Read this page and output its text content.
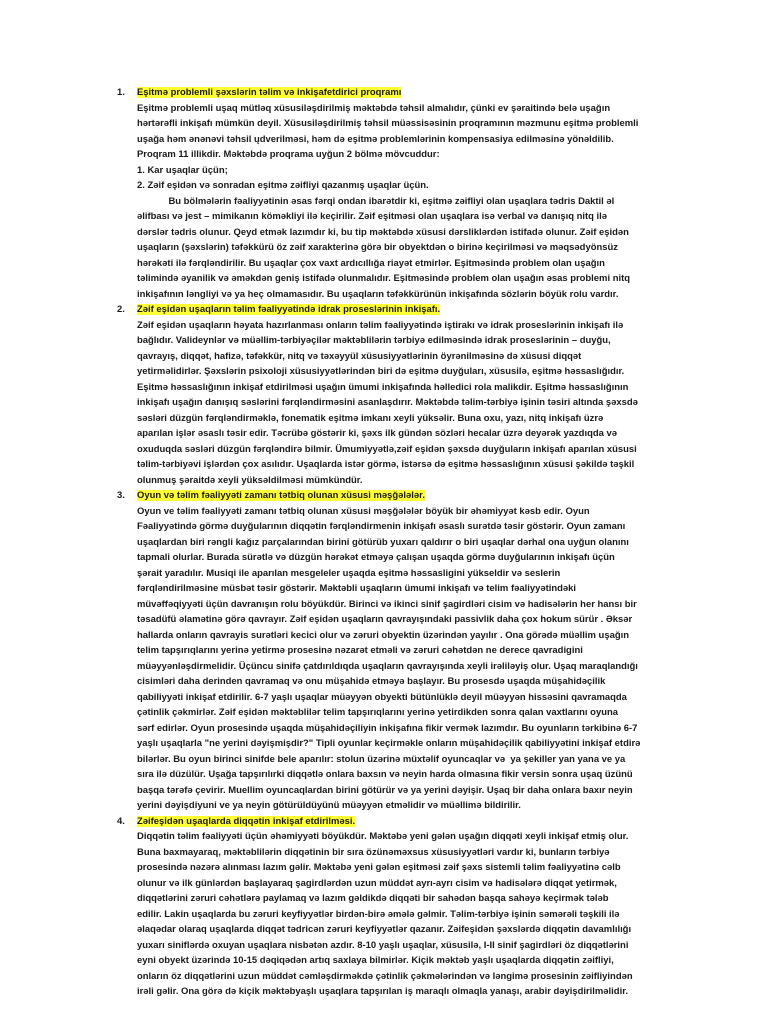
1.	Eşitmə problemli şəxslərin təlim və inkişafetdirici proqramı
Eşitmə problemli uşaq mütləq xüsusiləşdirilmiş məktəbdə təhsil almalıdır, çünki ev şəraitində belə uşağın
hərtərəfli inkişafı mümkün deyil. Xüsusiləşdirilmiş təhsil müəssisəsinin proqramının məzmunu eşitmə problemli
uşağa həm ənənəvi təhsil ųdverilməsi, həm də eşitmə problemlərinin kompensasiya edilməsinə yönəldilib.
Proqram 11 illikdir. Məktəbdə proqrama uyğun 2 bölmə mövcuddur:
1. Kar uşaqlar üçün;
2. Zəif eşidən və sonradan eşitmə zəifliyi qazanmış uşaqlar üçün.
Bu bölmələrin fəaliyyətinin əsas fərqi ondan ibarətdir ki, eşitmə zəifliyi olan uşaqlara tədris Daktil əl
əlifbası və jest – mimikanın köməkliyi ilə keçirilir. Zəif eşitməsi olan uşaqlara isə verbal və danışıq nitq ilə
dərslər tədris olunur. Qeyd etmək lazımdır ki, bu tip məktəbdə xüsusi dərsliklərdən istifadə olunur. Zəif eşidən
uşaqların (şəxslərin) təfəkkürü öz zəif xarakterinə görə bir obyektdən o birinə keçirilməsi və məqsədyönsüz
hərəkəti ilə fərqləndirilir. Bu uşaqlar çox vaxt ardıcıllığa riayət etmirlər. Eşitməsində problem olan uşağın
təlimində əyanilik və əməkdən geniş istifadə olunmalıdır. Eşitməsində problem olan uşağın əsas problemi nitq
inkişafının ləngliyi və ya heç olmamasıdır. Bu uşaqların təfəkkürünün inkişafında sözlərin böyük rolu vardır.
2.	Zəif eşidən uşaqların təlim fəaliyyətində idrak proseslərinin inkişafı.
Zəif eşidən uşaqların həyata hazırlanması onların təlim fəaliyyətində iştirakı və idrak proseslərinin inkişafı ilə
bağlıdır. Valideynlər və müəllim-tərbiyəçilər məktəblilərin tərbiyə edilməsində idrak proseslərinin – duyğu,
qavrayış, diqqət, hafizə, təfəkkür, nitq və təxəyyül xüsusiyyətlərinin öyrənilməsinə də xüsusi diqqət
yetirməlidirlər. Şəxslərin psixoloji xüsusiyyətlərindən biri də eşitmə duyğuları, xüsusilə, eşitmə həssaslığıdır.
Eşitmə həssaslığının inkişaf etdirilməsi uşağın ümumi inkişafında həlledici rola malikdir. Eşitmə həssaslığının
inkişafı uşağın danışıq səslərini fərqləndirməsini asanlaşdırır. Məktəbdə təlim-tərbiyə işinin təsiri altında şəxsdə
səsləri düzgün fərqləndirməklə, fonematik eşitmə imkanı xeyli yüksəlir. Buna oxu, yazı, nitq inkişafı üzrə
aparılan işlər əsaslı təsir edir. Təcrübə göstərir ki, şəxs ilk gündən sözləri hecalar üzrə deyərək yazdıqda və
oxuduqda səsləri düzgün fərqləndirə bilmir. Ümumiyyətlə,zəif eşidən şəxsdə duyğuların inkişafı aparılan xüsusi
təlim-tərbiyəvi işlərdən çox asılıdır. Uşaqlarda istər görmə, istərsə də eşitmə həssaslığının xüsusi şəkildə təşkil
olunmuş şəraitdə xeyli yüksəldilməsi mümkündür.
3.	Oyun və təlim fəaliyyəti zamanı tətbiq olunan xüsusi məşğələlər.
Oyun ve təlim fəaliyyəti zamanı tətbiq olunan xüsusi məşğələlər böyük bir əhəmiyyət kəsb edir. Oyun
Fəaliyyətində görmə duyğularının diqqətin fərqləndirmenin inkişafı əsaslı surətdə təsir göstərir. Oyun zamanı
uşaqlardan biri rəngli kağız parçalarından birini götürüb yuxarı qaldırır o biri uşaqlar dərhal ona uyğun olanını
tapmali olurlar. Burada sürətlə və düzgün hərəkət etməyə çalışan uşaqda görmə duyğularının inkişafı üçün
şərait yaradılır. Musiqi ile aparılan mesgeleler uşaqda eşitmə həssasligini yükseldir və seslerin
fərqləndirilməsine müsbət təsir göstərir. Məktəbli uşaqların ümumi inkişafı və telim fəaliyyətindəki
müvəffəqiyyəti üçün davranışın rolu böyükdür. Birinci və ikinci sinif şagirdləri cisim və hadisələrin her hansı bir
təsadüfü əlamətinə görə qavrayır. Zəif eşidən uşaqların qavrayışındaki passivlik daha çox hokum sürür . Əksər
hallarda onların qavrayis surətləri kecici olur və zəruri obyektin üzərindən yayılır . Ona görədə müəllim uşağın
telim tapşırıqlarını yerinə yetirmə prosesinə nəzarət etməli və zəruri cəhətdən ne derece qavradigini
müəyyənləşdirmelidir. Üçüncu sinifə çatdırıldıqda uşaqların qavrayışında xeyli irəliləyiş olur. Uşaq maraqlandığı
cisimləri daha derinden qavramaq və onu müşahidə etməyə başlayır. Bu prosesdə uşaqda müşahidəçilik
qabiliyyəti inkişaf etdirilir. 6-7 yaşlı uşaqlar müəyyən obyekti bütünlüklə deyil müəyyən hissəsini qavramaqda
çətinlik çəkmirlər. Zəif eşidən məktəblilər telim tapşırıqlarını yerinə yetirdikden sonra qalan vaxtlarını oyuna
sərf edirlər. Oyun prosesində uşaqda müşahidəçiliyin inkişafına fikir vermək lazımdır. Bu oyunların tərkibinə 6-7
yaşlı uşaqlarla "ne yerini dəyişmişdir?" Tipli oyunlar keçirməkle onların müşahidəçilik qabiliyyətini inkişaf etdirə
bilərlər. Bu oyun birinci sinifde bele aparılır: stolun üzərinə müxtəlif oyuncaqlar və  ya şekiller yan yana ve ya
sıra ilə düzülür. Uşağa tapşırılırki diqqətlə onlara baxsın və neyin harda olmasına fikir versin sonra uşaq üzünü
başqa tərəfə çevirir. Muellim oyuncaqlardan birini götürür və ya yerini dəyişir. Uşaq bir daha onlara baxır neyin
yerini dəyişdiyuni ve ya neyin götürüldüyünü müəyyən etməlidir və müəllimə bildirilir.
4.	Zəifeşidən uşaqlarda diqqətin inkişaf etdirilməsi.
Diqqətin təlim fəaliyyəti üçün əhəmiyyəti böyükdür. Məktəbə yeni gələn uşağın diqqəti xeyli inkişaf etmiş olur.
Buna baxmayaraq, məktəblilərin diqqətinin bir sıra özünəməxsus xüsusiyyətləri vardır ki, bunların tərbiyə
prosesində nəzərə alınması lazım gəlir. Məktəbə yeni gələn eşitməsi zəif şəxs sistemli təlim fəaliyyətinə cəlb
olunur və ilk günlərdən başlayaraq şagirdlərdən uzun müddət ayrı-ayrı cisim və hadisələrə diqqət yetirmək,
diqqətlərini zəruri cəhətlərə paylamaq və lazım gəldikdə diqqəti bir sahədən başqa sahəyə keçirmək tələb
edilir. Lakin uşaqlarda bu zəruri keyfiyyətlər birdən-birə əmələ gəlmir. Təlim-tərbiyə işinin səmərəli təşkili ilə
əlaqədar olaraq uşaqlarda diqqət tədricən zəruri keyfiyyətlər qazanır. Zəifeşidən şəxslərdə diqqətin davamlılığı
yuxarı siniflərdə oxuyan uşaqlara nisbətən azdır. 8-10 yaşlı uşaqlar, xüsusilə, I-II sinif şagirdləri öz diqqətlərini
eyni obyekt üzərində 10-15 dəqiqədən artıq saxlaya bilmirlər. Kiçik məktəb yaşlı uşaqlarda diqqətin zəifliyi,
onların öz diqqətlərini uzun müddət cəmləşdirməkdə çətinlik çəkmələrindən və ləngimə prosesinin zəifliyindən
irəli gəlir. Ona görə də kiçik məktəbyaşlı uşaqlara tapşırılan iş maraqlı olmaqla yanaşı, arabir dəyişdirilməlidir.
